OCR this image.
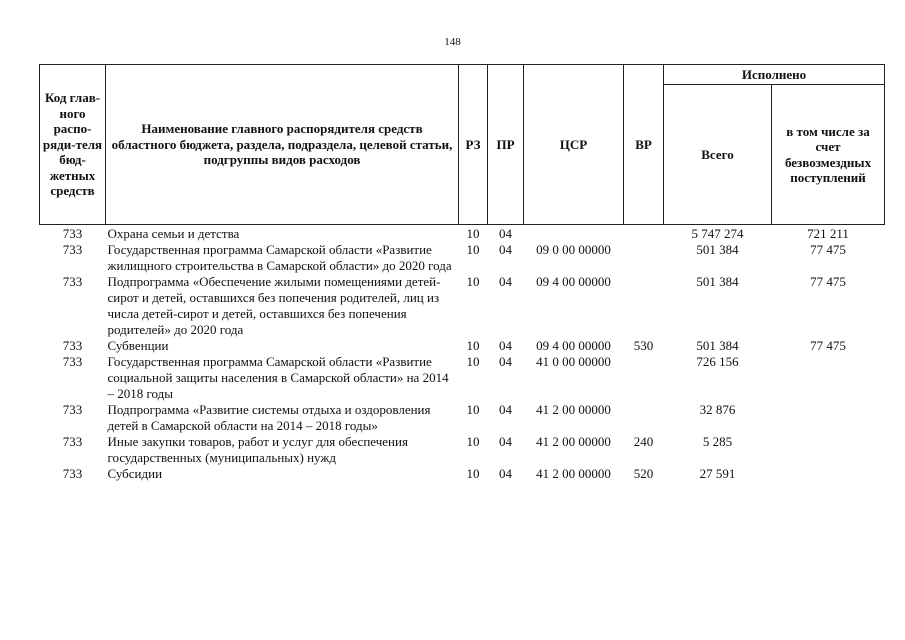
148
Код глав-ного распо-ряди-теля бюд-жетных средств	Наименование главного распорядителя средств областного бюджета, раздела, подраздела, целевой статьи, подгруппы видов расходов	РЗ	ПР	ЦСР	ВР	Исполнено	
						Всего	в том числе за счет безвозмездных поступлений
733	Охрана семьи и детства	10	04			5 747 274	721 211
733	Государственная программа Самарской области «Развитие жилищного строительства в Самарской области» до 2020 года	10	04	09 0 00 00000		501 384	77 475
733	Подпрограмма «Обеспечение жилыми помещениями детей-сирот и детей, оставшихся без попечения родителей, лиц из числа детей-сирот и детей, оставшихся без попечения родителей» до 2020 года	10	04	09 4 00 00000		501 384	77 475
733	Субвенции	10	04	09 4 00 00000	530	501 384	77 475
733	Государственная программа Самарской области «Развитие социальной защиты населения в Самарской области» на 2014 – 2018 годы	10	04	41 0 00 00000		726 156	
733	Подпрограмма «Развитие системы отдыха и оздоровления детей в Самарской области на 2014 – 2018 годы»	10	04	41 2 00 00000		32 876	
733	Иные закупки товаров, работ и услуг для обеспечения государственных (муниципальных) нужд	10	04	41 2 00 00000	240	5 285	
733	Субсидии	10	04	41 2 00 00000	520	27 591	
